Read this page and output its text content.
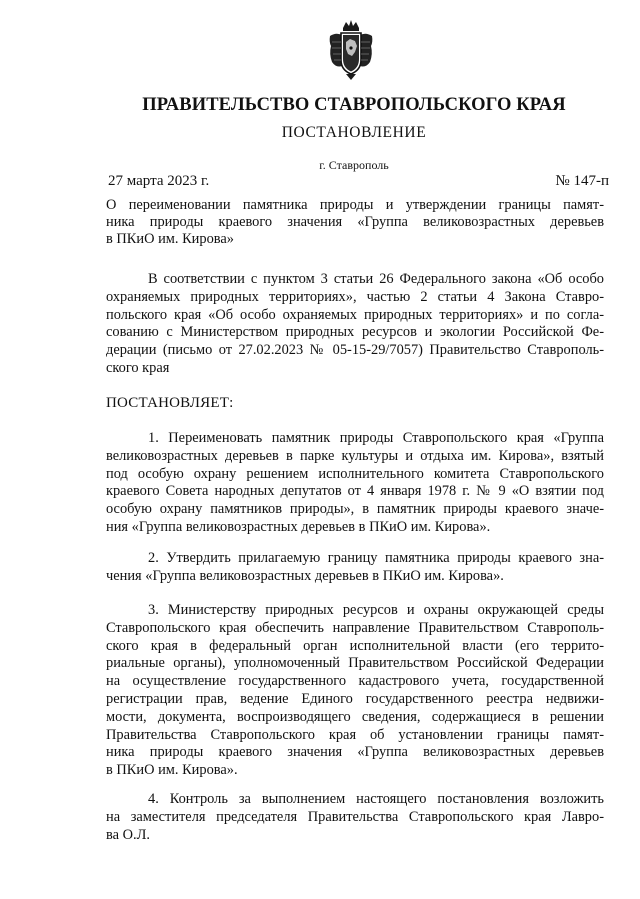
ПРАВИТЕЛЬСТВО СТАВРОПОЛЬСКОГО КРАЯ
ПОСТАНОВЛЕНИЕ
г. Ставрополь
27 марта 2023 г.	№ 147-п
О переименовании памятника природы и утверждении границы памят-
ника природы краевого значения «Группа великовозрастных деревьев
в ПКиО им. Кирова»
В соответствии с пунктом 3 статьи 26 Федерального закона «Об особо
охраняемых природных территориях», частью 2 статьи 4 Закона Ставро-
польского края «Об особо охраняемых природных территориях» и по согла-
сованию с Министерством природных ресурсов и экологии Российской Фе-
дерации (письмо от 27.02.2023 № 05-15-29/7057) Правительство Ставрополь-
ского края
ПОСТАНОВЛЯЕТ:
1. Переименовать памятник природы Ставропольского края «Группа
великовозрастных деревьев в парке культуры и отдыха им. Кирова», взятый
под особую охрану решением исполнительного комитета Ставропольского
краевого Совета народных депутатов от 4 января 1978 г. № 9 «О взятии под
особую охрану памятников природы», в памятник природы краевого значе-
ния «Группа великовозрастных деревьев в ПКиО им. Кирова».
2. Утвердить прилагаемую границу памятника природы краевого зна-
чения «Группа великовозрастных деревьев в ПКиО им. Кирова».
3. Министерству природных ресурсов и охраны окружающей среды
Ставропольского края обеспечить направление Правительством Ставрополь-
ского края в федеральный орган исполнительной власти (его террито-
риальные органы), уполномоченный Правительством Российской Федерации
на осуществление государственного кадастрового учета, государственной
регистрации прав, ведение Единого государственного реестра недвижи-
мости, документа, воспроизводящего сведения, содержащиеся в решении
Правительства Ставропольского края об установлении границы памят-
ника природы краевого значения «Группа великовозрастных деревьев
в ПКиО им. Кирова».
4. Контроль за выполнением настоящего постановления возложить
на заместителя председателя Правительства Ставропольского края Лавро-
ва О.Л.
